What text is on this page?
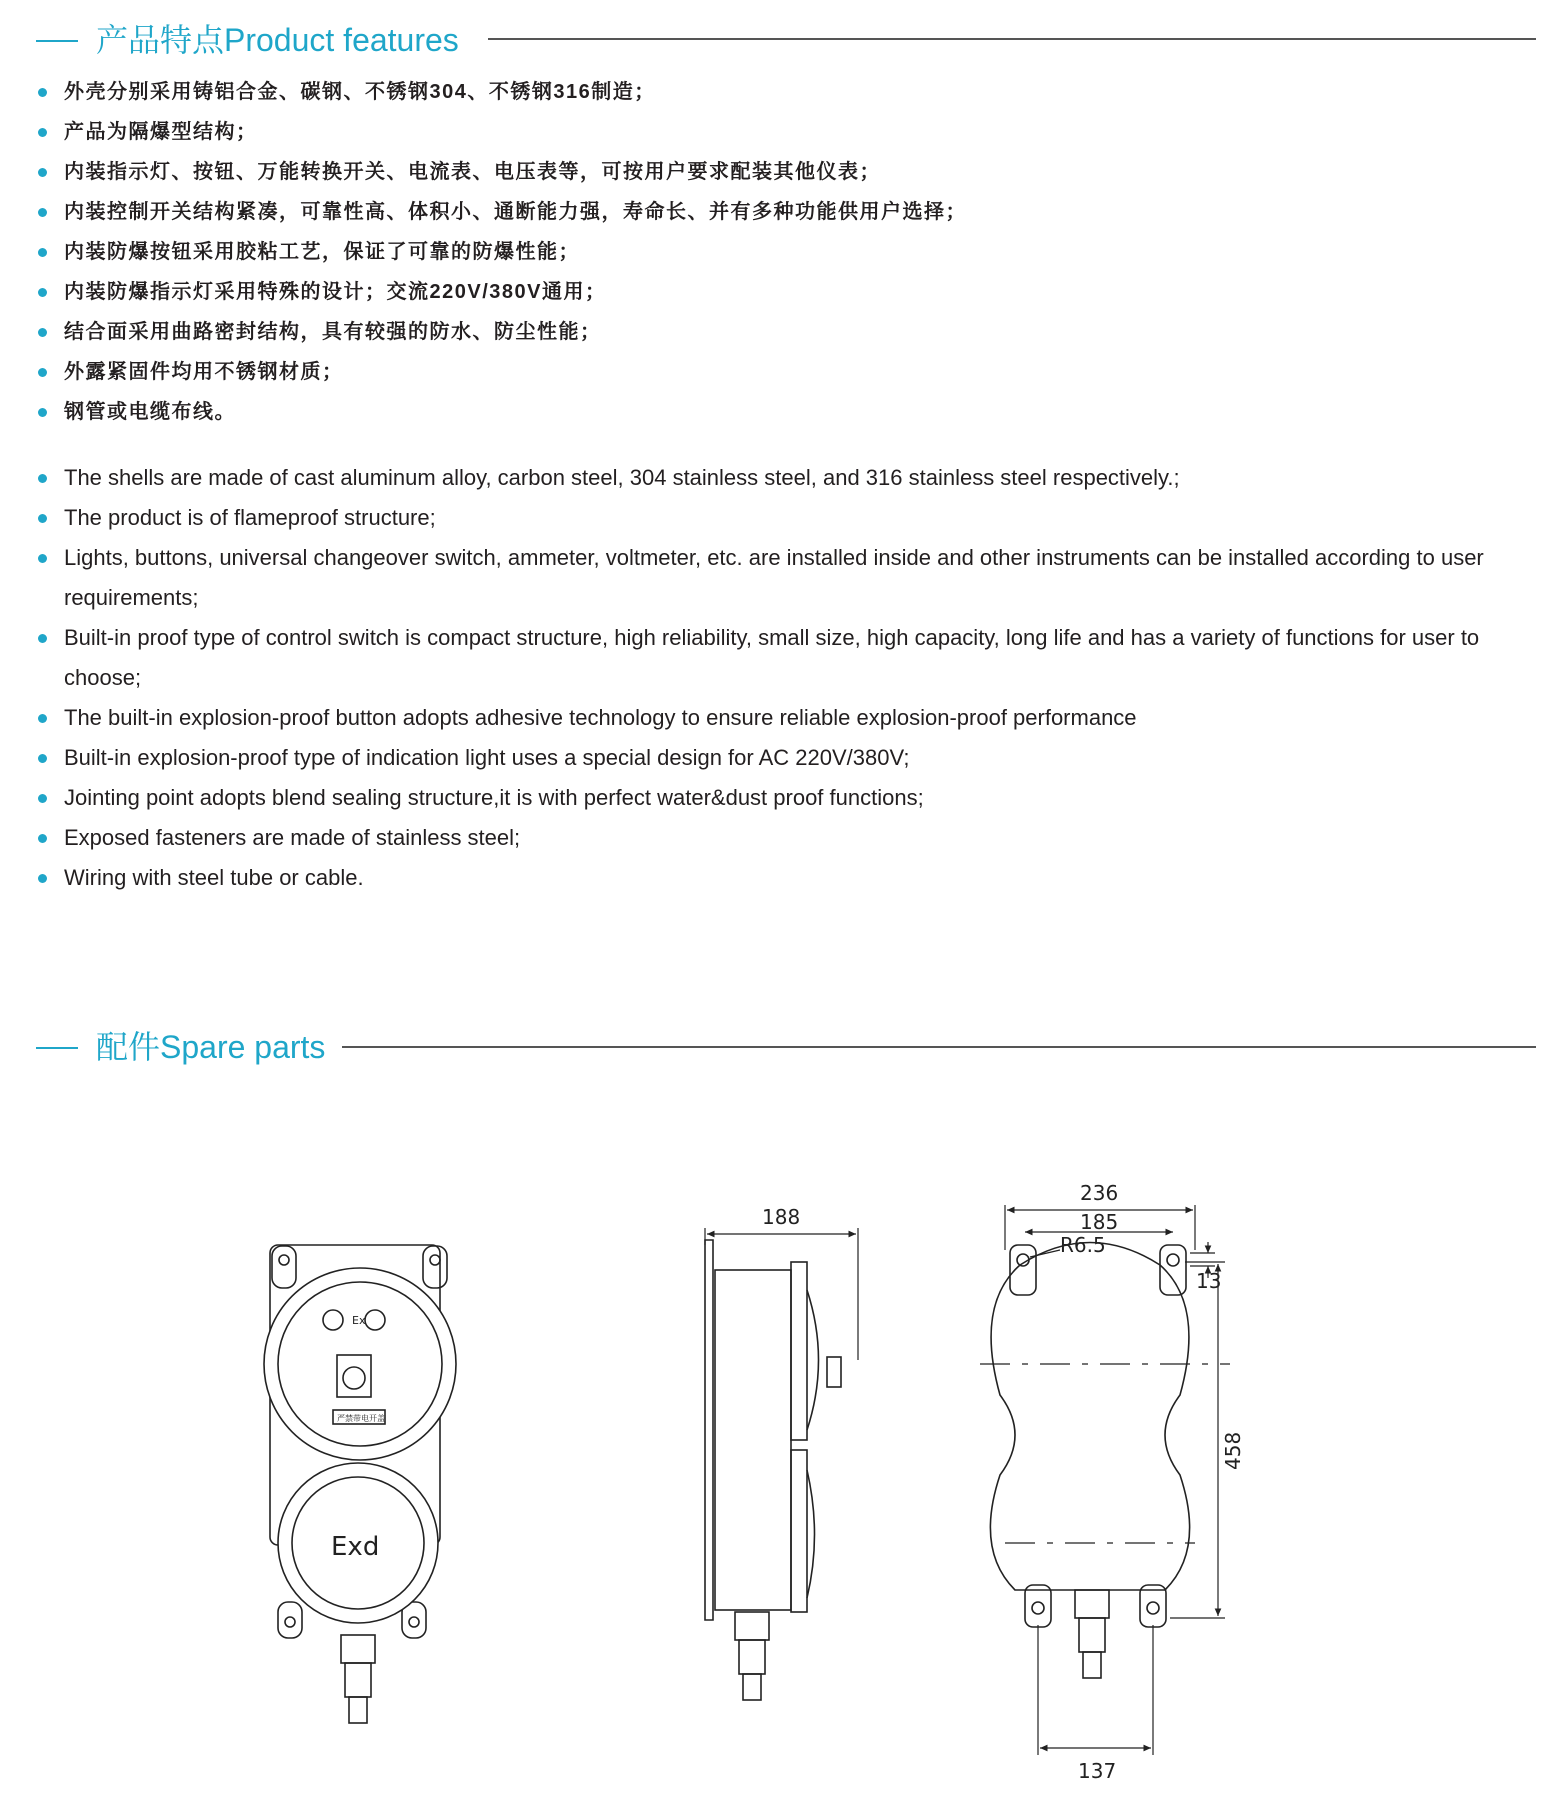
产品特点Product features
外壳分别采用铸铝合金、碳钢、不锈钢304、不锈钢316制造；
产品为隔爆型结构；
内装指示灯、按钮、万能转换开关、电流表、电压表等，可按用户要求配装其他仪表；
内装控制开关结构紧凑，可靠性高、体积小、通断能力强，寿命长、并有多种功能供用户选择；
内装防爆按钮采用胶粘工艺，保证了可靠的防爆性能；
内装防爆指示灯采用特殊的设计；交流220V/380V通用；
结合面采用曲路密封结构，具有较强的防水、防尘性能；
外露紧固件均用不锈钢材质；
钢管或电缆布线。
The shells are made of cast aluminum alloy, carbon steel, 304 stainless steel, and 316 stainless steel respectively.;
The product is of flameproof structure;
Lights, buttons, universal changeover switch, ammeter, voltmeter, etc. are installed inside and other instruments can be installed according to user requirements;
Built-in proof type of control switch is compact structure, high reliability, small size, high capacity, long life and has a variety of functions for user to choose;
The built-in explosion-proof button adopts adhesive technology to ensure reliable explosion-proof performance
Built-in explosion-proof type of indication light uses a special design for AC 220V/380V;
Jointing point adopts blend sealing structure,it is with perfect water&dust proof functions;
Exposed fasteners are made of stainless steel;
Wiring with steel tube or cable.
配件Spare parts
Ex
严禁带电开盖
Exd
188
236
185
R6.5
13
458
137
